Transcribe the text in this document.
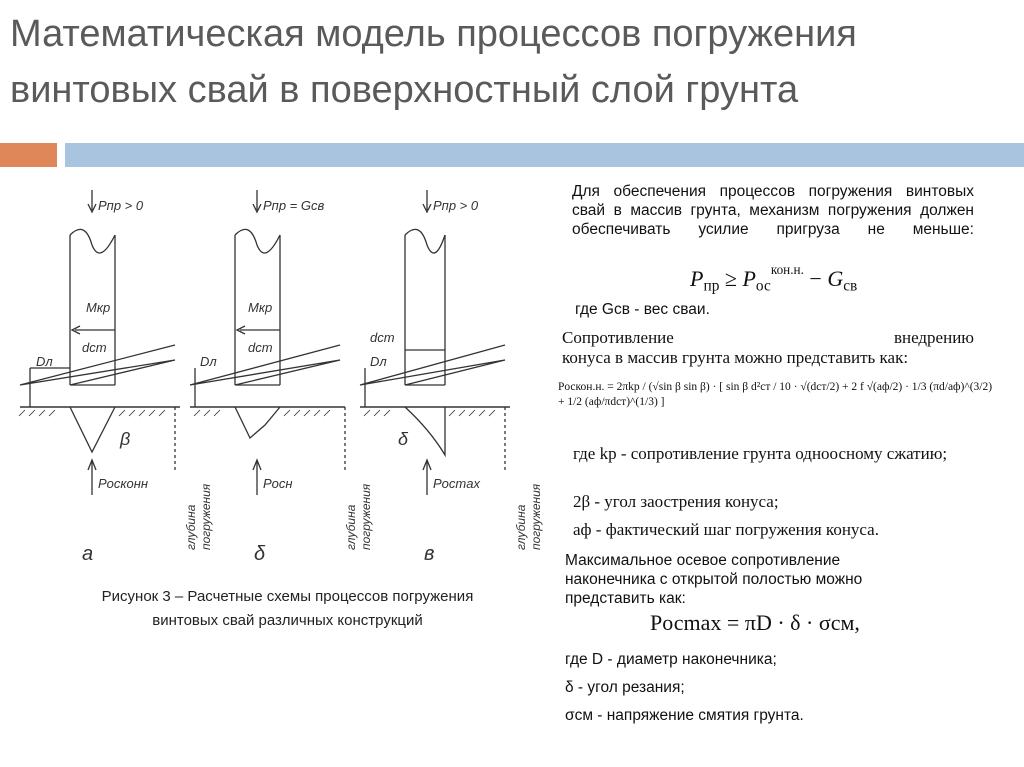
Математическая модель процессов погружения винтовых свай в поверхностный слой грунта
Pпр > 0
Mкр
dст
Dл
β
Pосконн
а
Pпр = Gсв
Mкр
dст
Dл
Pосн
δ
Pпр > 0
dст
Dл
δ
Pосmax
в
глубина погружения	глубина погружения	глубина погружения
Рисунок 3 – Расчетные схемы процессов погружения
винтовых свай различных конструкций
Для обеспечения процессов погружения винтовых свай в массив грунта, механизм погружения должен обеспечивать усилие пригруза не меньше:
$P_{пр} \ge P_{ос}^{кон.н.} - G_{св}$
где Gсв - вес сваи.
Сопротивление	внедрению
конуса в массив грунта можно представить как:
Pоскон.н. = 2πkp / (√sin β sin β) · [ sin β d²ст / 10 · √(dст/2) + 2 f √(aф/2) · 1/3 (πd/aф)^(3/2) + 1/2 (aф/πdст)^(1/3) ]
где kр - сопротивление грунта одноосному сжатию;
2β - угол заострения конуса;
aф - фактический шаг погружения конуса.
Максимальное осевое сопротивление наконечника с открытой полостью можно представить как:
Pосmax = πD · δ · σсм,
где D - диаметр наконечника;
δ - угол резания;
σсм - напряжение смятия грунта.
